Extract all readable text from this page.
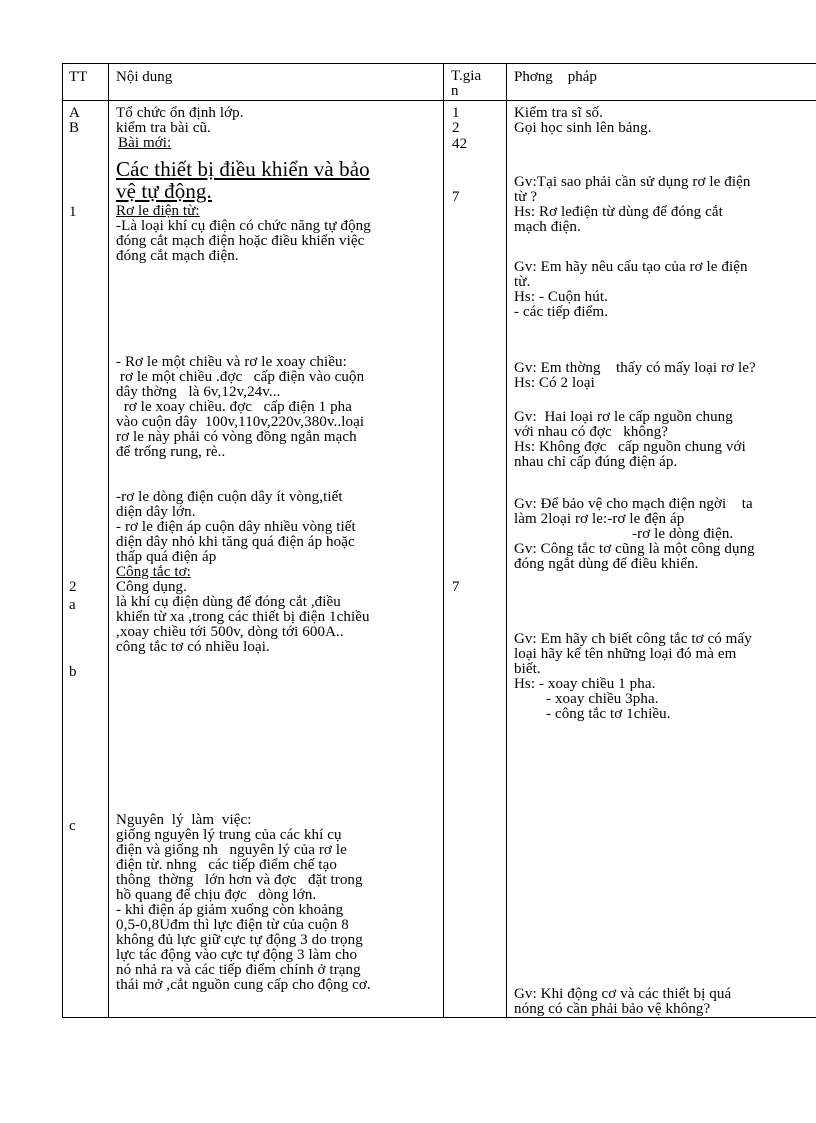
TT Nội dung	T.gia
n
Phơng    pháp
A
B
1
2
a
b
c
1
2
42
7
7
Tổ chức ổn định lớp.
kiểm tra bài cũ.
Bài mới:
Các thiết bị điều khiển và bảo
vệ tự động.
Rơ le điện từ:
-Là loại khí cụ điện có chức năng tự động
đóng cắt mạch điện hoặc điều khiển việc
đóng cắt mạch điện.
- Rơ le một chiều và rơ le xoay chiều:
rơ le một chiều .đợc   cấp điện vào cuộn
dây thờng   là 6v,12v,24v...
rơ le xoay chiều. đợc   cấp điện 1 pha
vào cuộn dây  100v,110v,220v,380v..loại
rơ le này phải có vòng đồng ngắn mạch
để trống rung, rè..
-rơ le dòng điện cuộn dây ít vòng,tiết
diện dây lớn.
- rơ le điện áp cuộn dây nhiều vòng tiết
diện dây nhỏ khi tăng quá điện áp hoặc
thấp quá điện áp
Công tắc tơ:
Công dụng.
là khí cụ điện dùng để đóng cắt ,điều
khiển từ xa ,trong các thiết bị điện 1chiều
,xoay chiều tới 500v, dòng tới 600A..
công tắc tơ có nhiều loại.
Nguyên  lý  làm  việc:
giống nguyên lý trung của các khí cụ
điện và giống nh   nguyên lý của rơ le
điện từ. nhng   các tiếp điểm chế tạo
thông  thờng   lớn hơn và đợc   đặt trong
hồ quang để chịu đợc   dòng lớn.
- khi điện áp giảm xuống còn khoảng
0,5-0,8Uđm thì lực điện từ của cuộn 8
không đủ lực giữ cực tự động 3 do trọng
lực tác động vào cực tự động 3 làm cho
nó nhả ra và các tiếp điểm chính ở trạng
thái mở ,cắt nguồn cung cấp cho động cơ.
Kiểm tra sĩ số.
Gọi học sinh lên bảng.
Gv:Tại sao phải cần sử dụng rơ le điện
từ ?
Hs: Rơ leđiện từ dùng để đóng cắt
mạch điện.
Gv: Em hãy nêu cấu tạo của rơ le điện
từ.
Hs: - Cuộn hút.
- các tiếp điểm.
Gv: Em thờng    thấy có mấy loại rơ le?
Hs: Có 2 loại
Gv:  Hai loại rơ le cấp nguồn chung
với nhau có đợc   không?
Hs: Không đợc   cấp nguồn chung với
nhau chỉ cấp đúng điện áp.
Gv: Để bảo vệ cho mạch điện ngời    ta
làm 2loại rơ le:-rơ le đện áp
-rơ le dòng điện.
Gv: Công tắc tơ cũng là một công dụng
đóng ngắt dùng để điều khiển.
Gv: Em hãy ch biết công tắc tơ có mấy
loại hãy kể tên những loại đó mà em
biết.
Hs: - xoay chiều 1 pha.
- xoay chiều 3pha.
- công tắc tơ 1chiều.
Gv: Khi động cơ và các thiết bị quá
nóng có cần phải bảo vệ không?
